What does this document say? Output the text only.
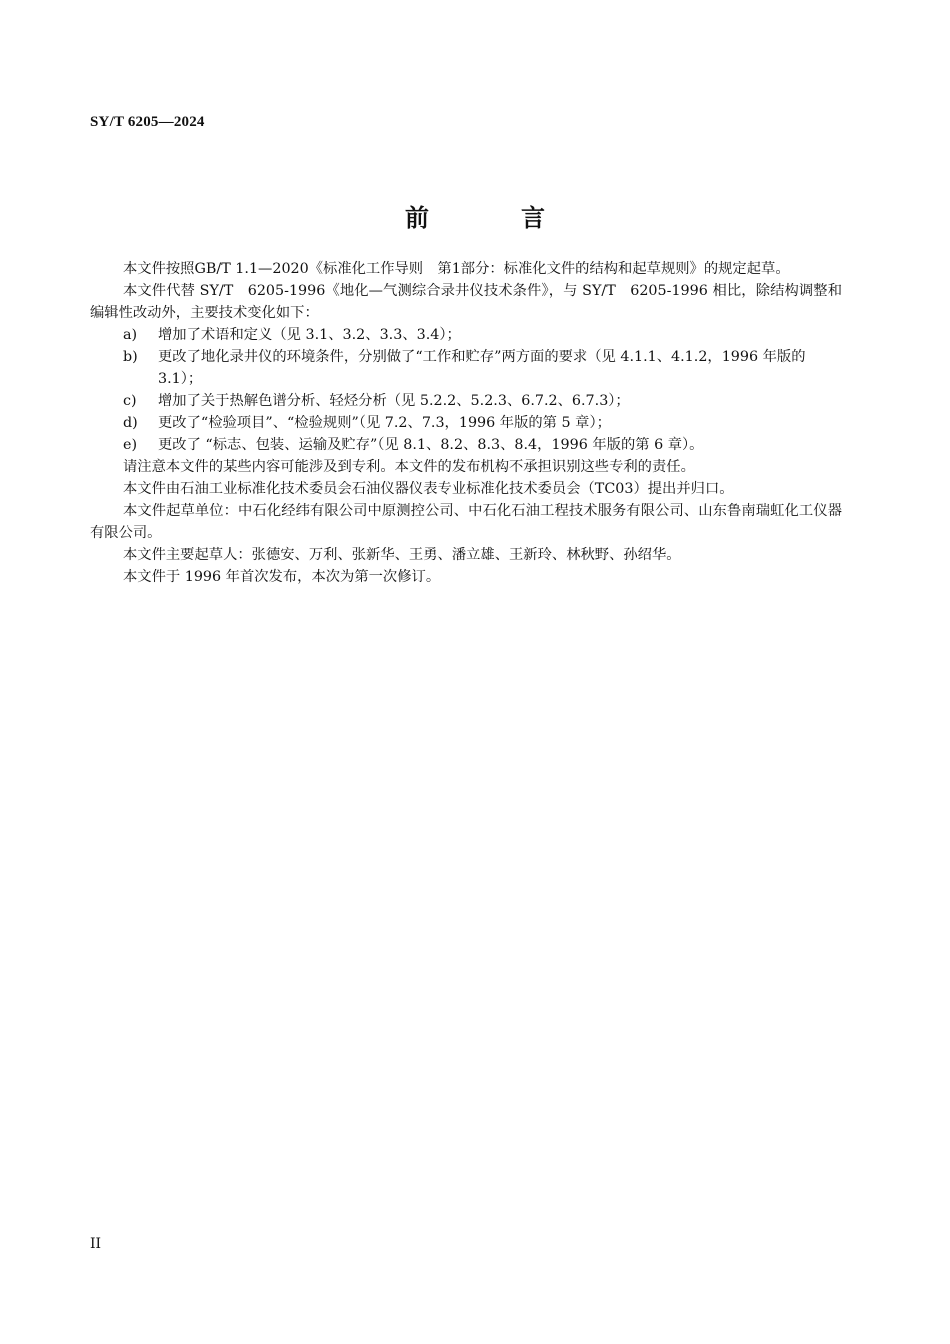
SY/T 6205—2024
前　言

本文件按照GB/T 1.1—2020《标准化工作导则　第1部分：标准化文件的结构和起草规则》的规定起草。

本文件代替 SY/T　6205-1996《地化—气测综合录井仪技术条件》，与 SY/T　6205-1996 相比，除结构调整和编辑性改动外，主要技术变化如下：

a) 增加了术语和定义（见 3.1、3.2、3.3、3.4）；

b) 更改了地化录井仪的环境条件，分别做了“工作和贮存”两方面的要求（见 4.1.1、4.1.2，1996 年版的 3.1）；

c) 增加了关于热解色谱分析、轻烃分析（见 5.2.2、5.2.3、6.7.2、6.7.3）；

d) 更改了“检验项目”、“检验规则”（见 7.2、7.3，1996 年版的第 5 章）；

e) 更改了 “标志、包装、运输及贮存”（见 8.1、8.2、8.3、8.4，1996 年版的第 6 章）。

请注意本文件的某些内容可能涉及到专利。本文件的发布机构不承担识别这些专利的责任。

本文件由石油工业标准化技术委员会石油仪器仪表专业标准化技术委员会（TC03）提出并归口。

本文件起草单位：中石化经纬有限公司中原测控公司、中石化石油工程技术服务有限公司、山东鲁南瑞虹化工仪器有限公司。

本文件主要起草人：张德安、万利、张新华、王勇、潘立雄、王新玲、林秋野、孙绍华。

本文件于 1996 年首次发布，本次为第一次修订。

II
